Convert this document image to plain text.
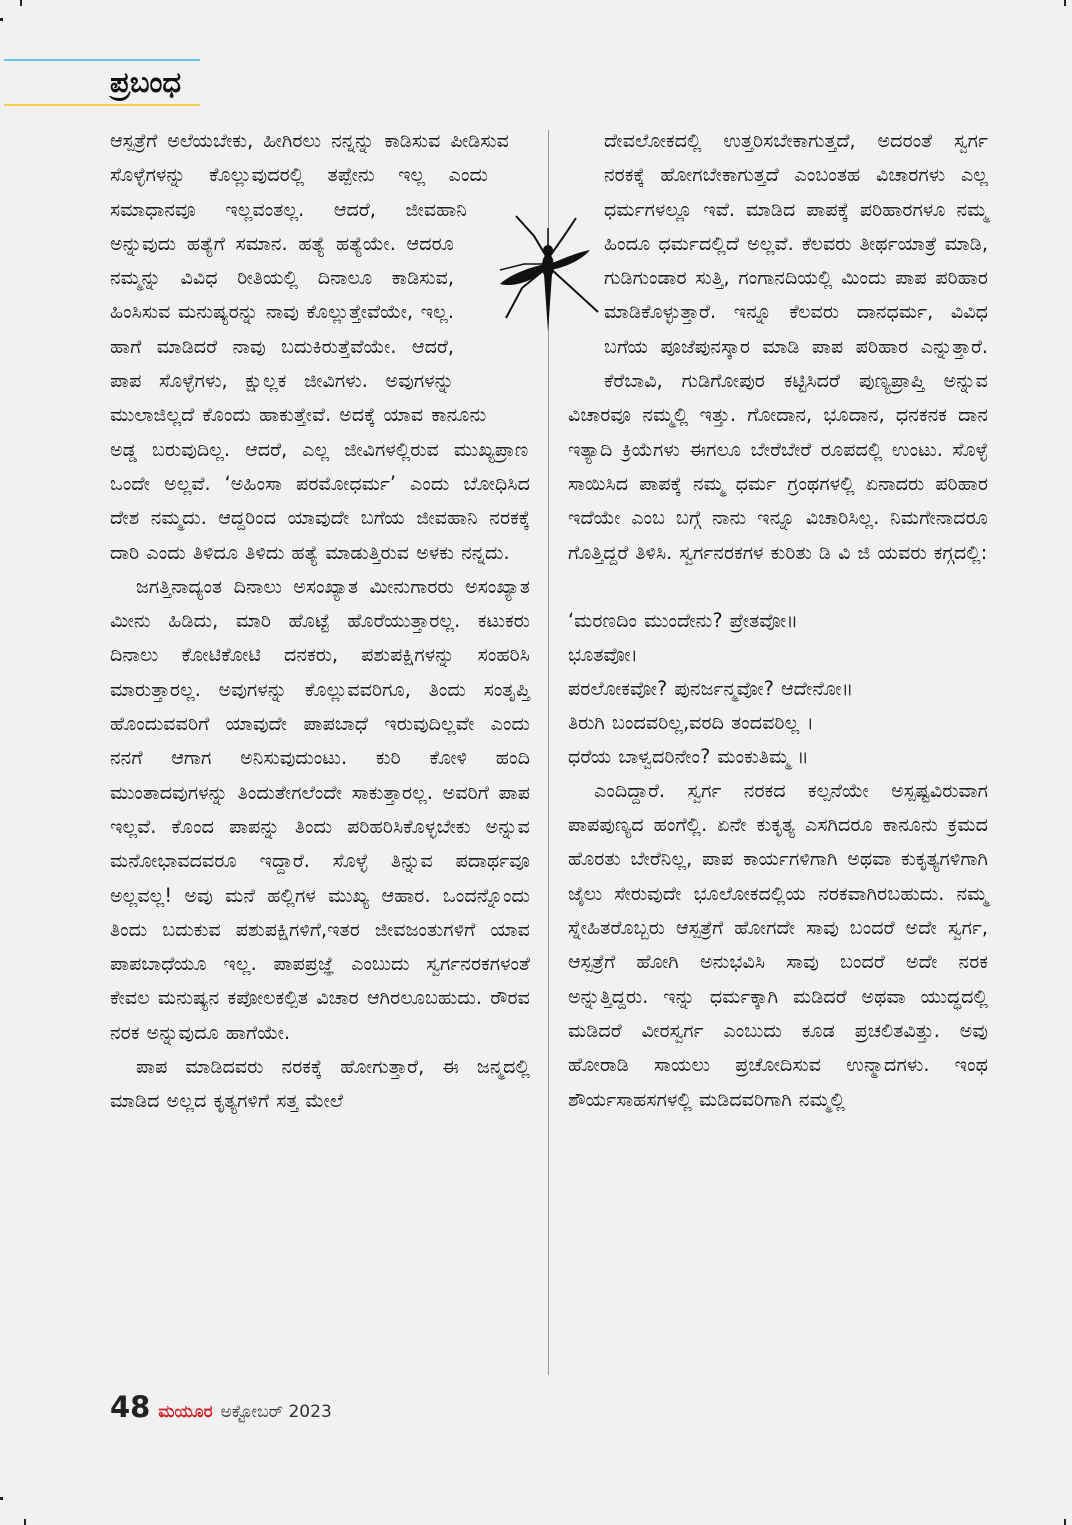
ಪ್ರಬಂಧ

ಆಸ್ಪತ್ರೆಗೆ ಅಲೆಯಬೇಕು, ಹೀಗಿರಲು ನನ್ನನ್ನು ಕಾಡಿಸುವ ಪೀಡಿಸುವ ಸೊಳ್ಳೆಗಳನ್ನು ಕೊಲ್ಲುವುದರಲ್ಲಿ ತಪ್ಪೇನು ಇಲ್ಲ ಎಂದು ಸಮಾಧಾನವೂ ಇಲ್ಲವಂತಲ್ಲ. ಆದರೆ, ಜೀವಹಾನಿ ಅನ್ನುವುದು ಹತ್ಯೆಗೆ ಸಮಾನ. ಹತ್ಯೆ ಹತ್ಯೆಯೇ. ಆದರೂ ನಮ್ಮನ್ನು ವಿವಿಧ ರೀತಿಯಲ್ಲಿ ದಿನಾಲೂ ಕಾಡಿಸುವ, ಹಿಂಸಿಸುವ ಮನುಷ್ಯರನ್ನು ನಾವು ಕೊಲ್ಲುತ್ತೇವೆಯೇ, ಇಲ್ಲ. ಹಾಗೆ ಮಾಡಿದರೆ ನಾವು ಬದುಕಿರುತ್ತೆವೆಯೇ. ಆದರೆ, ಪಾಪ ಸೊಳ್ಳೆಗಳು, ಕ್ಷುಲ್ಲಕ ಜೀವಿಗಳು. ಅವುಗಳನ್ನು ಮುಲಾಜಿಲ್ಲದೆ ಕೊಂದು ಹಾಕುತ್ತೇವೆ. ಅದಕ್ಕೆ ಯಾವ ಕಾನೂನು ಅಡ್ಡ ಬರುವುದಿಲ್ಲ. ಆದರೆ, ಎಲ್ಲ ಜೀವಿಗಳಲ್ಲಿರುವ ಮುಖ್ಯಪ್ರಾಣ ಒಂದೇ ಅಲ್ಲವೆ. ‘ಅಹಿಂಸಾ ಪರಮೋಧರ್ಮ’ ಎಂದು ಬೋಧಿಸಿದ ದೇಶ ನಮ್ಮದು. ಆದ್ದರಿಂದ ಯಾವುದೇ ಬಗೆಯ ಜೀವಹಾನಿ ನರಕಕ್ಕೆ ದಾರಿ ಎಂದು ತಿಳಿದೂ ತಿಳಿದು ಹತ್ಯೆ ಮಾಡುತ್ತಿರುವ ಅಳಕು ನನ್ನದು.

ಜಗತ್ತಿನಾದ್ಯಂತ ದಿನಾಲು ಅಸಂಖ್ಯಾತ ಮೀನುಗಾರರು ಅಸಂಖ್ಯಾತ ಮೀನು ಹಿಡಿದು, ಮಾರಿ ಹೊಟ್ಟೆ ಹೊರೆಯುತ್ತಾರಲ್ಲ. ಕಟುಕರು ದಿನಾಲು ಕೋಟಿಕೋಟಿ ದನಕರು, ಪಶುಪಕ್ಷಿಗಳನ್ನು ಸಂಹರಿಸಿ ಮಾರುತ್ತಾರಲ್ಲ. ಅವುಗಳನ್ನು ಕೊಲ್ಲುವವರಿಗೂ, ತಿಂದು ಸಂತೃಪ್ತಿ ಹೊಂದುವವರಿಗೆ ಯಾವುದೇ ಪಾಪಬಾಧೆ ಇರುವುದಿಲ್ಲವೇ ಎಂದು ನನಗೆ ಆಗಾಗ ಅನಿಸುವುದುಂಟು. ಕುರಿ ಕೋಳಿ ಹಂದಿ ಮುಂತಾದವುಗಳನ್ನು ತಿಂದುತೇಗಲೆಂದೇ ಸಾಕುತ್ತಾರಲ್ಲ. ಅವರಿಗೆ ಪಾಪ ಇಲ್ಲವೆ. ಕೊಂದ ಪಾಪನ್ನು ತಿಂದು ಪರಿಹರಿಸಿಕೊಳ್ಳಬೇಕು ಅನ್ನುವ ಮನೋಭಾವದವರೂ ಇದ್ದಾರೆ. ಸೊಳ್ಳೆ ತಿನ್ನುವ ಪದಾರ್ಥವೂ ಅಲ್ಲವಲ್ಲ! ಅವು ಮನೆ ಹಲ್ಲಿಗಳ ಮುಖ್ಯ ಆಹಾರ. ಒಂದನ್ನೊಂದು ತಿಂದು ಬದುಕುವ ಪಶುಪಕ್ಷಿಗಳಿಗೆ,ಇತರ ಜೀವಜಂತುಗಳಿಗೆ ಯಾವ ಪಾಪಬಾಧೆಯೂ ಇಲ್ಲ. ಪಾಪಪ್ರಜ್ಞೆ ಎಂಬುದು ಸ್ವರ್ಗನರಕಗಳಂತೆ ಕೇವಲ ಮನುಷ್ಯನ ಕಪೋಲಕಲ್ಪಿತ ವಿಚಾರ ಆಗಿರಲೂಬಹುದು. ರೌರವ ನರಕ ಅನ್ನುವುದೂ ಹಾಗೆಯೇ.

ಪಾಪ ಮಾಡಿದವರು ನರಕಕ್ಕೆ ಹೋಗುತ್ತಾರೆ, ಈ ಜನ್ಮದಲ್ಲಿ ಮಾಡಿದ ಅಲ್ಲದ ಕೃತ್ಯಗಳಿಗೆ ಸತ್ತ ಮೇಲೆ

ದೇವಲೋಕದಲ್ಲಿ ಉತ್ತರಿಸಬೇಕಾಗುತ್ತದೆ, ಅದರಂತೆ ಸ್ವರ್ಗ ನರಕಕ್ಕೆ ಹೋಗಬೇಕಾಗುತ್ತದೆ ಎಂಬಂತಹ ವಿಚಾರಗಳು ಎಲ್ಲ ಧರ್ಮಗಳಲ್ಲೂ ಇವೆ. ಮಾಡಿದ ಪಾಪಕ್ಕೆ ಪರಿಹಾರಗಳೂ ನಮ್ಮ ಹಿಂದೂ ಧರ್ಮದಲ್ಲಿದೆ ಅಲ್ಲವೆ. ಕೆಲವರು ತೀರ್ಥಯಾತ್ರೆ ಮಾಡಿ, ಗುಡಿಗುಂಡಾರ ಸುತ್ತಿ, ಗಂಗಾನದಿಯಲ್ಲಿ ಮಿಂದು ಪಾಪ ಪರಿಹಾರ ಮಾಡಿಕೊಳ್ಳುತ್ತಾರೆ. ಇನ್ನೂ ಕೆಲವರು ದಾನಧರ್ಮ, ವಿವಿಧ ಬಗೆಯ ಪೂಜೆಪುನಸ್ಕಾರ ಮಾಡಿ ಪಾಪ ಪರಿಹಾರ ಎನ್ನುತ್ತಾರೆ. ಕೆರೆಬಾವಿ, ಗುಡಿಗೋಪುರ ಕಟ್ಟಿಸಿದರೆ ಪುಣ್ಯಪ್ರಾಪ್ತಿ ಅನ್ನುವ ವಿಚಾರವೂ ನಮ್ಮಲ್ಲಿ ಇತ್ತು. ಗೋದಾನ, ಭೂದಾನ, ಧನಕನಕ ದಾನ ಇತ್ಯಾದಿ ಕ್ರಿಯೆಗಳು ಈಗಲೂ ಬೇರೆಬೇರೆ ರೂಪದಲ್ಲಿ ಉಂಟು. ಸೊಳ್ಳೆ ಸಾಯಿಸಿದ ಪಾಪಕ್ಕೆ ನಮ್ಮ ಧರ್ಮ ಗ್ರಂಥಗಳಲ್ಲಿ ಏನಾದರು ಪರಿಹಾರ ಇದೆಯೇ ಎಂಬ ಬಗ್ಗೆ ನಾನು ಇನ್ನೂ ವಿಚಾರಿಸಿಲ್ಲ. ನಿಮಗೇನಾದರೂ ಗೊತ್ತಿದ್ದರೆ ತಿಳಿಸಿ. ಸ್ವರ್ಗನರಕಗಳ ಕುರಿತು ಡಿ ವಿ ಜಿ ಯವರು ಕಗ್ಗದಲ್ಲಿ:

‘ಮರಣದಿಂ ಮುಂದೇನು? ಪ್ರೇತವೋ॥
ಭೂತವೋ।
ಪರಲೋಕವೋ? ಪುನರ್ಜನ್ಮವೋ? ಆದೇನೋ॥
ತಿರುಗಿ ಬಂದವರಿಲ್ಲ,ವರದಿ ತಂದವರಿಲ್ಲ ।
ಧರೆಯ ಬಾಳ್ವದರಿನೇಂ? ಮಂಕುತಿಮ್ಮ ॥

ಎಂದಿದ್ದಾರೆ. ಸ್ವರ್ಗ ನರಕದ ಕಲ್ಪನೆಯೇ ಅಸ್ಪಷ್ಟವಿರುವಾಗ ಪಾಪಪುಣ್ಯದ ಹಂಗೆಲ್ಲಿ. ಏನೇ ಕುಕೃತ್ಯ ಎಸಗಿದರೂ ಕಾನೂನು ಕ್ರಮದ ಹೊರತು ಬೇರೆನಿಲ್ಲ, ಪಾಪ ಕಾರ್ಯಗಳಿಗಾಗಿ ಅಥವಾ ಕುಕೃತ್ಯಗಳಿಗಾಗಿ ಜೈಲು ಸೇರುವುದೇ ಭೂಲೋಕದಲ್ಲಿಯ ನರಕವಾಗಿರಬಹುದು. ನಮ್ಮ ಸ್ನೇಹಿತರೊಬ್ಬರು ಆಸ್ಪತ್ರೆಗೆ ಹೋಗದೇ ಸಾವು ಬಂದರೆ ಅದೇ ಸ್ವರ್ಗ, ಆಸ್ಪತ್ರೆಗೆ ಹೋಗಿ ಅನುಭವಿಸಿ ಸಾವು ಬಂದರೆ ಅದೇ ನರಕ ಅನ್ನುತ್ತಿದ್ದರು. ಇನ್ನು ಧರ್ಮಕ್ಕಾಗಿ ಮಡಿದರೆ ಅಥವಾ ಯುದ್ಧದಲ್ಲಿ ಮಡಿದರೆ ವೀರಸ್ವರ್ಗ ಎಂಬುದು ಕೂಡ ಪ್ರಚಲಿತವಿತ್ತು. ಅವು ಹೋರಾಡಿ ಸಾಯಲು ಪ್ರಚೋದಿಸುವ ಉನ್ಮಾದಗಳು. ಇಂಥ ಶೌರ್ಯಸಾಹಸಗಳಲ್ಲಿ ಮಡಿದವರಿಗಾಗಿ ನಮ್ಮಲ್ಲಿ

48 ಮಯೂರ ಅಕ್ಟೋಬರ್ 2023
